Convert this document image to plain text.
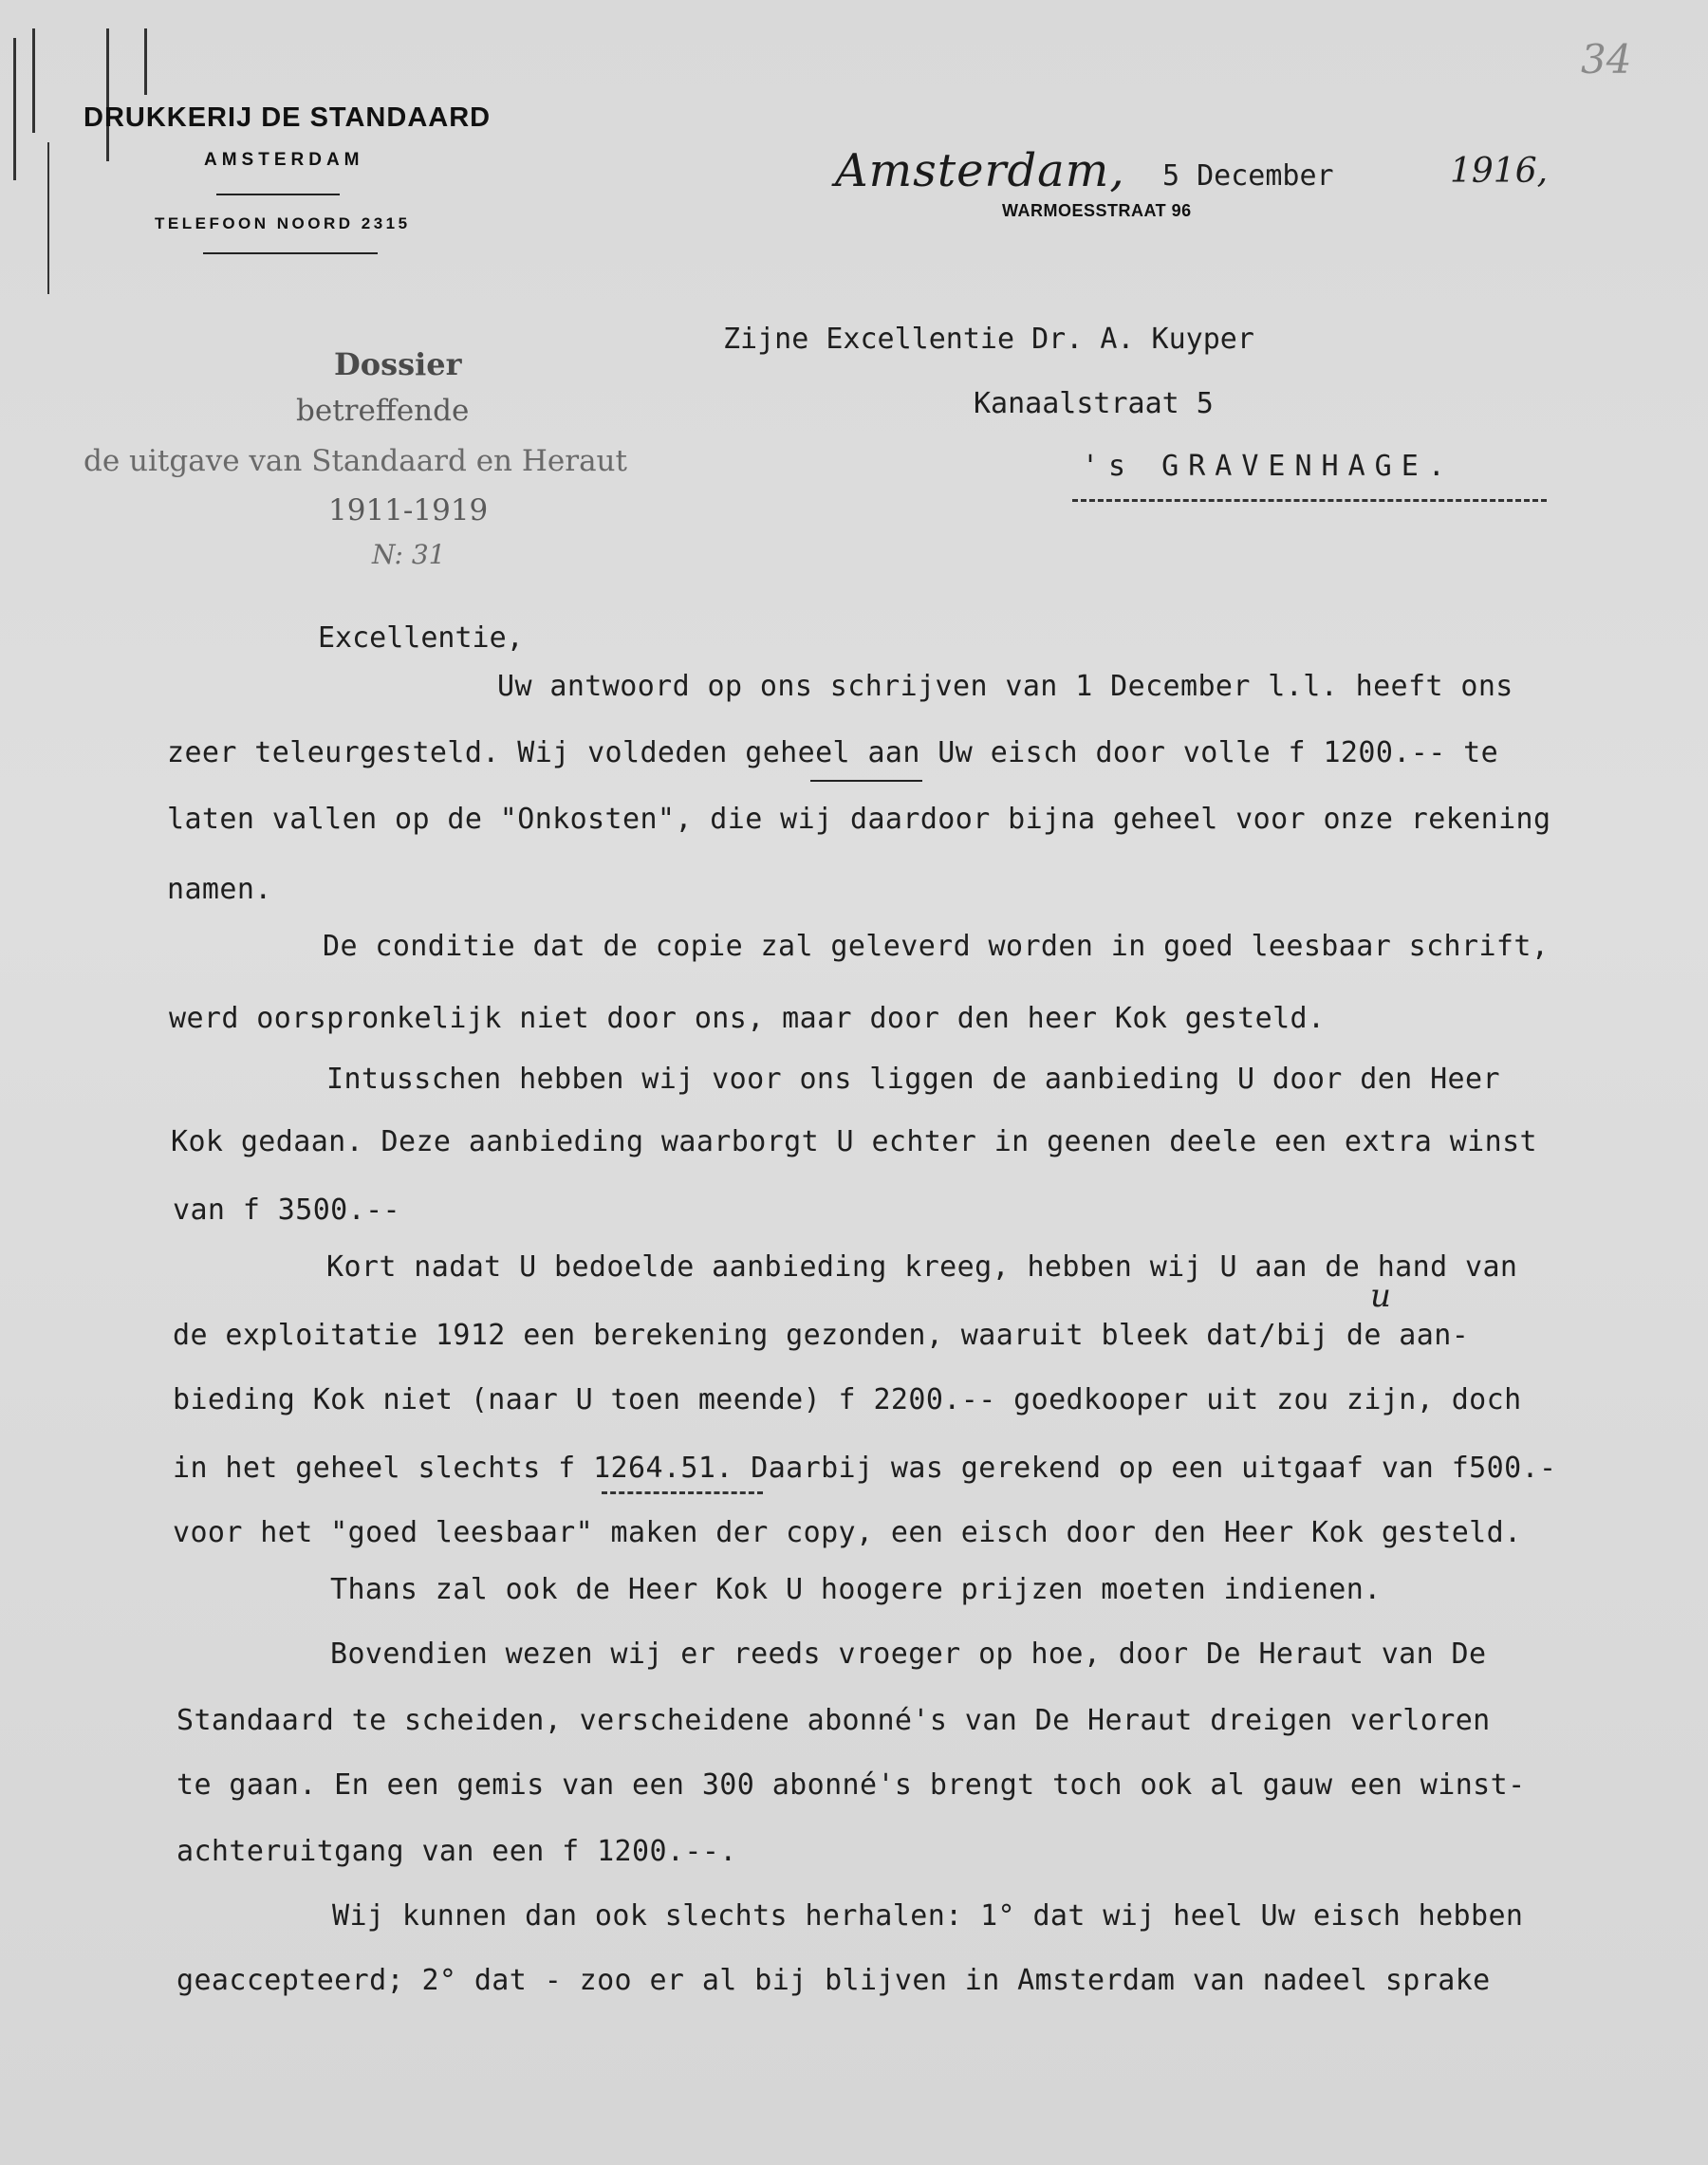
34
DRUKKERIJ DE STANDAARD
AMSTERDAM
TELEFOON NOORD 2315
Amsterdam, 5 December	1916,
WARMOESSTRAAT 96
Dossier
betreffende
de uitgave van Standaard en Heraut
1911-1919
N: 31
Zijne Excellentie Dr. A. Kuyper
Kanaalstraat 5
's GRAVENHAGE.
Excellentie,
Uw antwoord op ons schrijven van 1 December l.l. heeft ons
zeer teleurgesteld. Wij voldeden geheel aan Uw eisch door volle f 1200.-- te
laten vallen op de "Onkosten", die wij daardoor bijna geheel voor onze rekening
namen.
De conditie dat de copie zal geleverd worden in goed leesbaar schrift,
werd oorspronkelijk niet door ons, maar door den heer Kok gesteld.
Intusschen hebben wij voor ons liggen de aanbieding U door den Heer
Kok gedaan. Deze aanbieding waarborgt U echter in geenen deele een extra winst
van f 3500.--
Kort nadat U bedoelde aanbieding kreeg, hebben wij U aan de hand van
u
de exploitatie 1912 een berekening gezonden, waaruit bleek dat/bij de aan-
bieding Kok niet (naar U toen meende) f 2200.-- goedkooper uit zou zijn, doch
in het geheel slechts f 1264.51. Daarbij was gerekend op een uitgaaf van f500.-
voor het "goed leesbaar" maken der copy, een eisch door den Heer Kok gesteld.
Thans zal ook de Heer Kok U hoogere prijzen moeten indienen.
Bovendien wezen wij er reeds vroeger op hoe, door De Heraut van De
Standaard te scheiden, verscheidene abonné's van De Heraut dreigen verloren
te gaan. En een gemis van een 300 abonné's brengt toch ook al gauw een winst-
achteruitgang van een f 1200.--.
Wij kunnen dan ook slechts herhalen: 1° dat wij heel Uw eisch hebben
geaccepteerd; 2° dat - zoo er al bij blijven in Amsterdam van nadeel sprake
